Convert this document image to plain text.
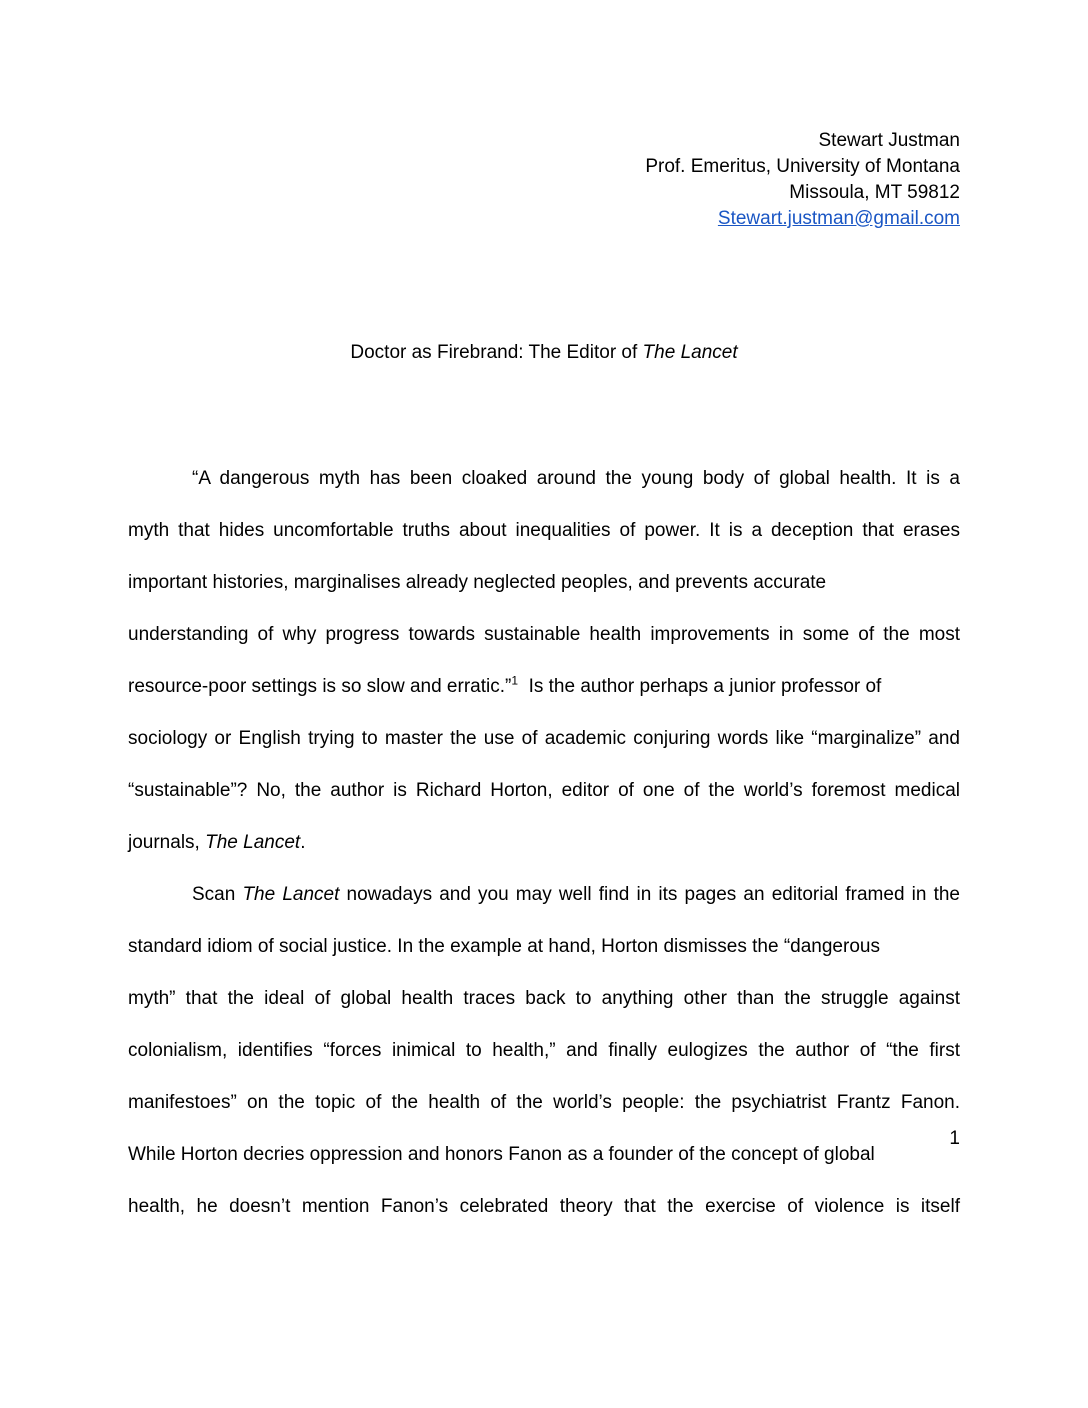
Stewart Justman
Prof. Emeritus, University of Montana
Missoula, MT 59812
Stewart.justman@gmail.com
Doctor as Firebrand: The Editor of The Lancet
“A dangerous myth has been cloaked around the young body of global health. It is a
myth that hides uncomfortable truths about inequalities of power. It is a deception that erases
important histories, marginalises already neglected peoples, and prevents accurate
understanding of why progress towards sustainable health improvements in some of the most
resource-poor settings is so slow and erratic.”$^1$  Is the author perhaps a junior professor of
sociology or English trying to master the use of academic conjuring words like “marginalize” and
“sustainable”? No, the author is Richard Horton, editor of one of the world’s foremost medical
journals, The Lancet.
Scan The Lancet nowadays and you may well find in its pages an editorial framed in the
standard idiom of social justice. In the example at hand, Horton dismisses the “dangerous
myth” that the ideal of global health traces back to anything other than the struggle against
colonialism, identifies “forces inimical to health,” and finally eulogizes the author of “the first
manifestoes” on the topic of the health of the world’s people: the psychiatrist Frantz Fanon.
While Horton decries oppression and honors Fanon as a founder of the concept of global
health, he doesn’t mention Fanon’s celebrated theory that the exercise of violence is itself
1
